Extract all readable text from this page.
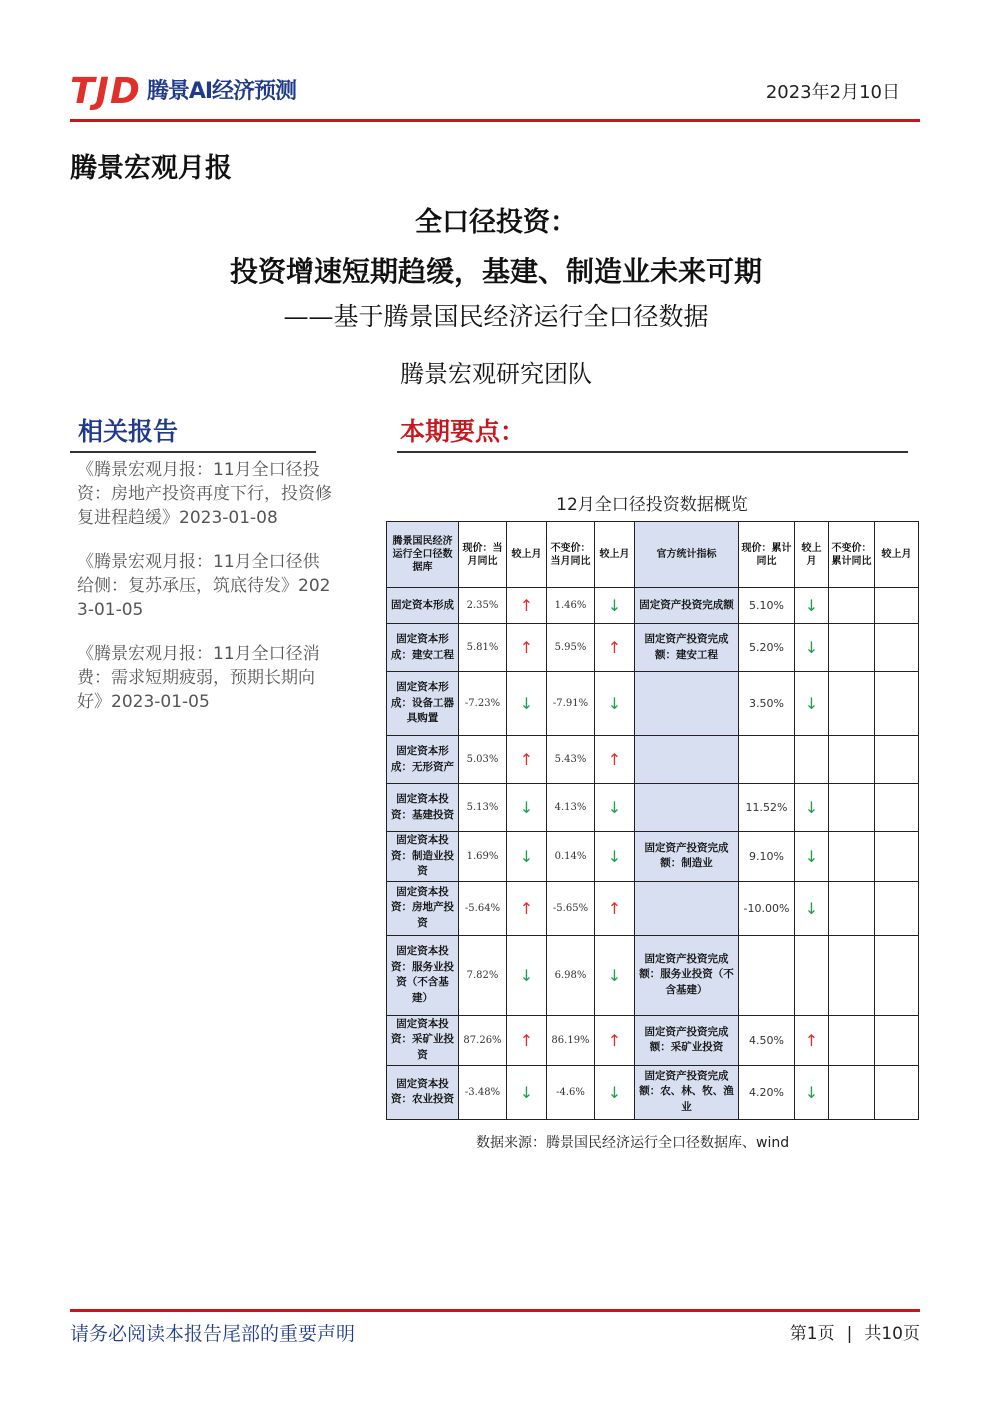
TJD 腾景AI经济预测	2023年2月10日
腾景宏观月报
全口径投资：
投资增速短期趋缓，基建、制造业未来可期
——基于腾景国民经济运行全口径数据
腾景宏观研究团队
相关报告	本期要点：
《腾景宏观月报：11月全口径投资：房地产投资再度下行，投资修复进程趋缓》2023-01-08
《腾景宏观月报：11月全口径供给侧：复苏承压，筑底待发》2023-01-05
《腾景宏观月报：11月全口径消费：需求短期疲弱，预期长期向好》2023-01-05
12月全口径投资数据概览
腾景国民经济运行全口径数据库	现价：当月同比	较上月	不变价：当月同比	较上月	官方统计指标	现价：累计同比	较上月	不变价：累计同比	较上月
固定资本形成	2.35%	↑	1.46%	↓	固定资产投资完成额	5.10%	↓		
固定资本形成：建安工程	5.81%	↑	5.95%	↑	固定资产投资完成额：建安工程	5.20%	↓		
固定资本形成：设备工器具购置	-7.23%	↓	-7.91%	↓		3.50%	↓		
固定资本形成：无形资产	5.03%	↑	5.43%	↑					
固定资本投资：基建投资	5.13%	↓	4.13%	↓		11.52%	↓		
固定资本投资：制造业投资	1.69%	↓	0.14%	↓	固定资产投资完成额：制造业	9.10%	↓		
固定资本投资：房地产投资	-5.64%	↑	-5.65%	↑		-10.00%	↓		
固定资本投资：服务业投资（不含基建）	7.82%	↓	6.98%	↓	固定资产投资完成额：服务业投资（不含基建）				
固定资本投资：采矿业投资	87.26%	↑	86.19%	↑	固定资产投资完成额：采矿业投资	4.50%	↑		
固定资本投资：农业投资	-3.48%	↓	-4.6%	↓	固定资产投资完成额：农、林、牧、渔业	4.20%	↓		
数据来源：腾景国民经济运行全口径数据库、wind
请务必阅读本报告尾部的重要声明	第1页 | 共10页
